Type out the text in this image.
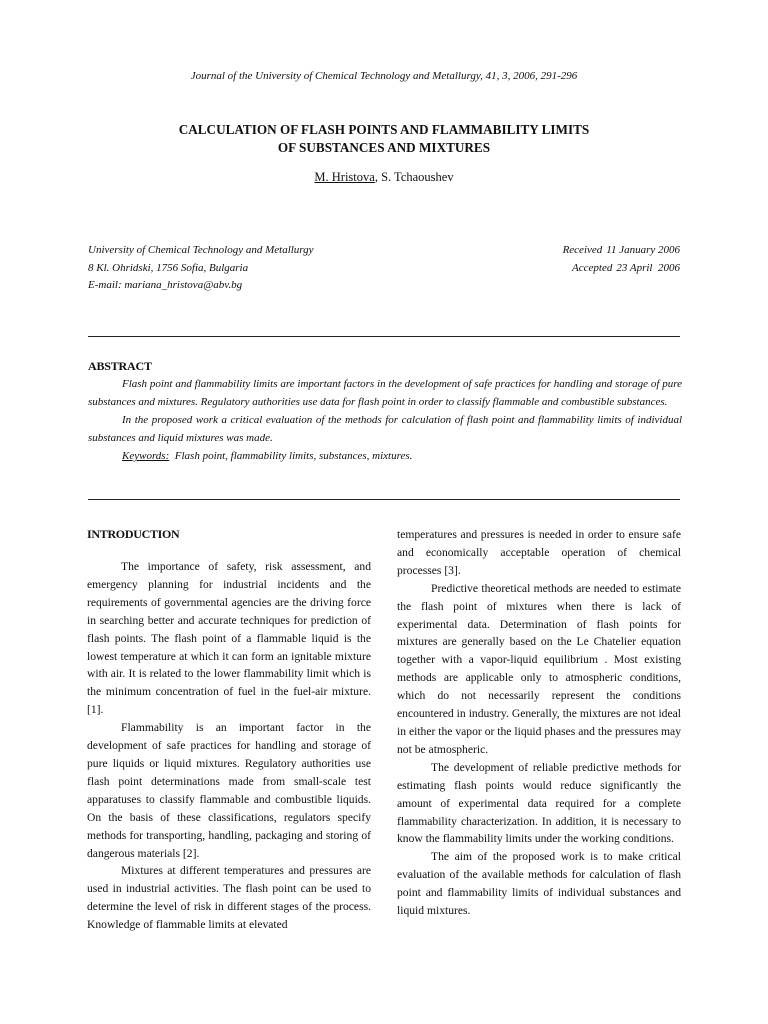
Journal of the University of Chemical Technology and Metallurgy, 41, 3, 2006, 291-296
CALCULATION OF FLASH POINTS AND FLAMMABILITY LIMITS
OF SUBSTANCES AND MIXTURES
M. Hristova, S. Tchaoushev
University of Chemical Technology and Metallurgy
8 Kl. Ohridski, 1756 Sofia, Bulgaria
E-mail: mariana_hristova@abv.bg
Received 11 January 2006
Accepted 23 April  2006
ABSTRACT

Flash point and flammability limits are important factors in the development of safe practices for handling and storage of pure substances and mixtures. Regulatory authorities use data for flash point in order to classify flammable and combustible substances.

In the proposed work a critical evaluation of the methods for calculation of flash point and flammability limits of individual substances and liquid mixtures was made.

Keywords: Flash point, flammability limits, substances, mixtures.

INTRODUCTION

The importance of safety, risk assessment, and emergency planning for industrial incidents and the requirements of governmental agencies are the driving force in searching better and accurate techniques for prediction of flash points. The flash point of a flammable liquid is the lowest temperature at which it can form an ignitable mixture with air. It is related to the lower flammability limit which is the minimum concentration of fuel in the fuel-air mixture. [1].

Flammability is an important factor in the development of safe practices for handling and storage of pure liquids or liquid mixtures. Regulatory authorities use flash point determinations made from small-scale test apparatuses to classify flammable and combustible liquids. On the basis of these classifications, regulators specify methods for transporting, handling, packaging and storing of dangerous materials [2].

Mixtures at different temperatures and pressures are used in industrial activities. The flash point can be used to determine the level of risk in different stages of the process. Knowledge of flammable limits at elevated

temperatures and pressures is needed in order to ensure safe and economically acceptable operation of chemical processes [3].

Predictive theoretical methods are needed to estimate the flash point of mixtures when there is lack of experimental data. Determination of flash points for mixtures are generally based on the Le Chatelier equation together with a vapor-liquid equilibrium . Most existing methods are applicable only to atmospheric conditions, which do not necessarily represent the conditions encountered in industry. Generally, the mixtures are not ideal in either the vapor or the liquid phases and the pressures may not be atmospheric.

The development of reliable predictive methods for estimating flash points would reduce significantly the amount of experimental data required for a complete flammability characterization. In addition, it is necessary to know the flammability limits under the working conditions.

The aim of the proposed work is to make critical evaluation of the available methods for calculation of flash point and flammability limits of individual substances and liquid mixtures.
